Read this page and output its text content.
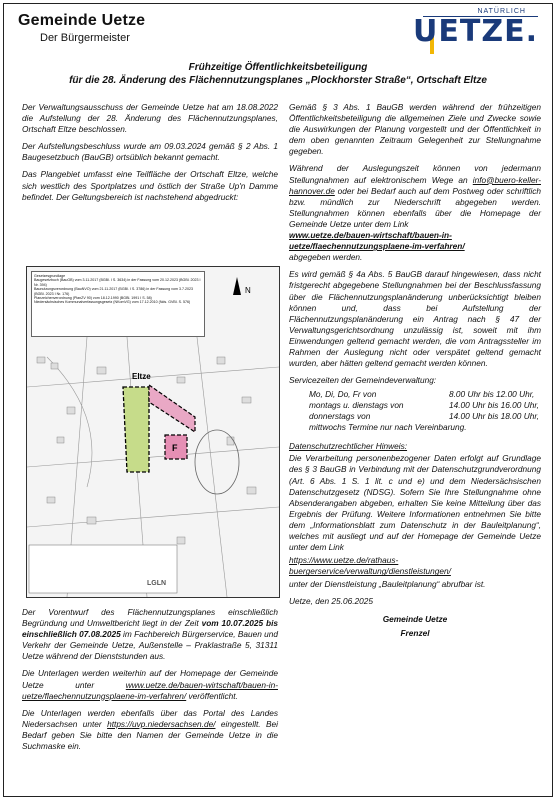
Gemeinde Uetze
Der Bürgermeister
NATÜRLICH
UETZE.
Frühzeitige Öffentlichkeitsbeteiligung
für die 28. Änderung des Flächennutzungsplanes „Plockhorster Straße“, Ortschaft Eltze

Der Verwaltungsausschuss der Gemeinde Uetze hat am 18.08.2022 die Aufstellung der 28. Änderung des Flächennutzungsplanes, Ortschaft Eltze beschlossen.

Der Aufstellungsbeschluss wurde am 09.03.2024 gemäß § 2 Abs. 1 Baugesetzbuch (BauGB) ortsüblich bekannt gemacht.

Das Plangebiet umfasst eine Teilfläche der Ortschaft Eltze, welche sich westlich des Sportplatzes und östlich der Straße Up'n Damme befindet. Der Geltungsbereich ist nachstehend abgedruckt:

Eltze
F
N
LGLN
Gesetzesgrundlage
Baugesetzbuch (BauGB) vom 3.11.2017 (BGBl. I S. 3634) in der Fassung vom 20.12.2023 (BGBl. 2023 I Nr. 394)
Baunutzungsverordnung (BauNVO) vom 21.11.2017 (BGBl. I S. 3786) in der Fassung vom 3.7.2023 (BGBl. 2023 I Nr. 176)
Planzeichenverordnung (PlanZV 90) vom 18.12.1990 (BGBl. 1991 I S. 58)
Niedersächsisches Kommunalverfassungsgesetz (NKomVG) vom 17.12.2010 (Nds. GVBl. S. 576)

Der Vorentwurf des Flächennutzungsplanes einschließlich Begründung und Umweltbericht liegt in der Zeit vom 10.07.2025 bis einschließlich 07.08.2025 im Fachbereich Bürgerservice, Bauen und Verkehr der Gemeinde Uetze, Außenstelle – Praklastraße 5, 31311 Uetze während der Dienststunden aus.

Die Unterlagen werden weiterhin auf der Homepage der Gemeinde Uetze unter www.uetze.de/bauen-wirtschaft/bauen-in-uetze/flaechennutzungsplaene-im-verfahren/ veröffentlicht.

Die Unterlagen werden ebenfalls über das Portal des Landes Niedersachsen unter https://uvp.niedersachsen.de/ eingestellt. Bei Bedarf geben Sie bitte den Namen der Gemeinde Uetze in die Suchmaske ein.

Gemäß § 3 Abs. 1 BauGB werden während der frühzeitigen Öffentlichkeitsbeteiligung die allgemeinen Ziele und Zwecke sowie die Auswirkungen der Planung vorgestellt und der Öffentlichkeit in dem oben genannten Zeitraum Gelegenheit zur Stellungnahme gegeben.

Während der Auslegungszeit können von jedermann Stellungnahmen auf elektronischem Wege an info@buero-keller-hannover.de oder bei Bedarf auch auf dem Postweg oder schriftlich bzw. mündlich zur Niederschrift abgegeben werden. Stellungnahmen können ebenfalls über die Homepage der Gemeinde Uetze unter dem Link
www.uetze.de/bauen-wirtschaft/bauen-in-uetze/flaechennutzungsplaene-im-verfahren/
abgegeben werden.

Es wird gemäß § 4a Abs. 5 BauGB darauf hingewiesen, dass nicht fristgerecht abgegebene Stellungnahmen bei der Beschlussfassung über die Flächennutzungsplanänderung unberücksichtigt bleiben können und, dass bei Aufstellung der Flächennutzungsplanänderung ein Antrag nach § 47 der Verwaltungsgerichtsordnung unzulässig ist, soweit mit ihm Einwendungen geltend gemacht werden, die vom Antragssteller im Rahmen der Auslegung nicht oder verspätet geltend gemacht wurden, aber hätten geltend gemacht werden können.

Servicezeiten der Gemeindeverwaltung:
Mo, Di, Do, Fr von	8.00 Uhr bis 12.00 Uhr,
montags u. dienstags von	14.00 Uhr bis 16.00 Uhr,
donnerstags von	14.00 Uhr bis 18.00 Uhr,
mittwochs Termine nur nach Vereinbarung.	

Datenschutzrechtlicher Hinweis:

Die Verarbeitung personenbezogener Daten erfolgt auf Grundlage des § 3 BauGB in Verbindung mit der Datenschutzgrundverordnung (Art. 6 Abs. 1 S. 1 lit. c und e) und dem Niedersächsischen Datenschutzgesetz (NDSG). Sofern Sie Ihre Stellungnahme ohne Absenderangaben abgeben, erhalten Sie keine Mitteilung über das Ergebnis der Prüfung. Weitere Informationen entnehmen Sie bitte dem „Informationsblatt zum Datenschutz in der Bauleitplanung“, welches mit ausliegt und auf der Homepage der Gemeinde Uetze unter dem Link

https://www.uetze.de/rathaus-buergerservice/verwaltung/dienstleistungen/

unter der Dienstleistung „Bauleitplanung“ abrufbar ist.

Uetze, den 25.06.2025

Gemeinde Uetze
Frenzel
